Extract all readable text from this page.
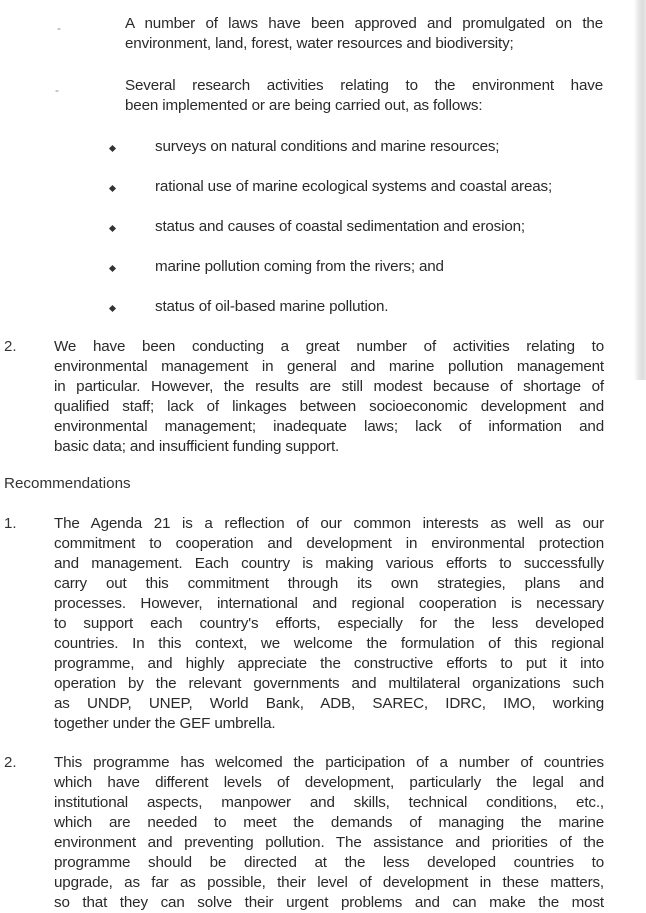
-	A number of laws have been approved and promulgated on the
environment, land, forest, water resources and biodiversity;
-	Several research activities relating to the environment have
been implemented or are being carried out, as follows:
surveys on natural conditions and marine resources;
rational use of marine ecological systems and coastal areas;
status and causes of coastal sedimentation and erosion;
marine pollution coming from the rivers; and
status of oil-based marine pollution.
2. We have been conducting a great number of activities relating to
environmental management in general and marine pollution management
in particular. However, the results are still modest because of shortage of
qualified staff; lack of linkages between socioeconomic development and
environmental management; inadequate laws; lack of information and
basic data; and insufficient funding support.
Recommendations
1. The Agenda 21 is a reflection of our common interests as well as our
commitment to cooperation and development in environmental protection
and management. Each country is making various efforts to successfully
carry out this commitment through its own strategies, plans and
processes. However, international and regional cooperation is necessary
to support each country's efforts, especially for the less developed
countries. In this context, we welcome the formulation of this regional
programme, and highly appreciate the constructive efforts to put it into
operation by the relevant governments and multilateral organizations such
as UNDP, UNEP, World Bank, ADB, SAREC, IDRC, IMO, working
together under the GEF umbrella.
2. This programme has welcomed the participation of a number of countries
which have different levels of development, particularly the legal and
institutional aspects, manpower and skills, technical conditions, etc.,
which are needed to meet the demands of managing the marine
environment and preventing pollution. The assistance and priorities of the
programme should be directed at the less developed countries to
upgrade, as far as possible, their level of development in these matters,
so that they can solve their urgent problems and can make the most
